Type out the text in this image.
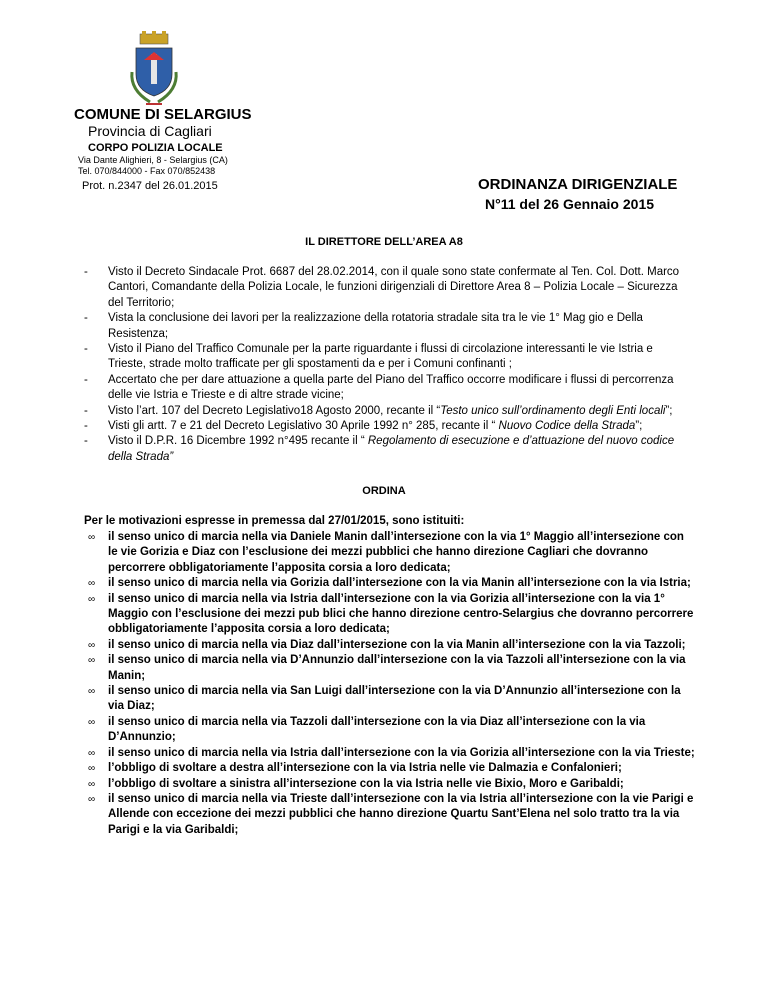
COMUNE DI SELARGIUS
Provincia di Cagliari
CORPO POLIZIA LOCALE
Via Dante Alighieri, 8 - Selargius (CA)
Tel. 070/844000 - Fax 070/852438
Prot. n.2347 del 26.01.2015	ORDINANZA DIRIGENZIALE
N°11 del 26 Gennaio 2015
IL DIRETTORE DELL’AREA A8
- Visto il Decreto Sindacale Prot. 6687 del 28.02.2014, con il quale sono state confermate al Ten. Col. Dott. Marco Cantori, Comandante della Polizia Locale, le funzioni dirigenziali di Direttore Area 8 – Polizia Locale – Sicurezza del Territorio;
- Vista la conclusione dei lavori per la realizzazione della rotatoria stradale sita tra le vie 1° Mag gio e Della Resistenza;
- Visto il Piano del Traffico Comunale per la parte riguardante i flussi di circolazione interessanti le vie Istria e Trieste, strade molto trafficate per gli spostamenti da e per i Comuni confinanti ;
- Accertato che per dare attuazione a quella parte del Piano del Traffico occorre modificare i flussi di percorrenza delle vie Istria e Trieste e di altre strade vicine;
- Visto l’art. 107 del Decreto Legislativo18 Agosto 2000, recante il “Testo unico sull’ordinamento degli Enti locali”;
- Visti gli artt. 7 e 21 del Decreto Legislativo 30 Aprile 1992 n° 285, recante il “ Nuovo Codice della Strada”;
- Visto il D.P.R. 16 Dicembre 1992 n°495 recante il “ Regolamento di esecuzione e d’attuazione del nuovo codice della Strada”
ORDINA
Per le motivazioni espresse in premessa dal 27/01/2015, sono istituiti:
∞ il senso unico di marcia nella via Daniele Manin dall’intersezione con la via 1° Maggio all’intersezione con le vie Gorizia e Diaz con l’esclusione dei mezzi pubblici che hanno direzione Cagliari che dovranno percorrere obbligatoriamente l’apposita corsia a loro dedicata;
∞ il senso unico di marcia nella via Gorizia dall’intersezione con la via Manin all’intersezione con la via Istria;
∞ il senso unico di marcia nella via Istria dall’intersezione con la via Gorizia all’intersezione con la via 1° Maggio con l’esclusione dei mezzi pub blici che hanno direzione centro-Selargius che dovranno percorrere obbligatoriamente l’apposita corsia a loro dedicata;
∞ il senso unico di marcia nella via Diaz dall’intersezione con la via Manin all’intersezione con la via Tazzoli;
∞ il senso unico di marcia nella via D’Annunzio dall’intersezione con la via Tazzoli all’intersezione con la via Manin;
∞ il senso unico di marcia nella via San Luigi dall’intersezione con la via D’Annunzio all’intersezione con la via Diaz;
∞ il senso unico di marcia nella via Tazzoli dall’intersezione con la via Diaz all’intersezione con la via D’Annunzio;
∞ il senso unico di marcia nella via Istria dall’intersezione con la via Gorizia all’intersezione con la via Trieste;
∞ l’obbligo di svoltare a destra all’intersezione con la via Istria nelle vie Dalmazia e Confalonieri;
∞ l’obbligo di svoltare a sinistra all’intersezione con la via Istria nelle vie Bixio, Moro e Garibaldi;
∞ il senso unico di marcia nella via Trieste dall’intersezione con la via Istria all’intersezione con la vie Parigi e Allende con eccezione dei mezzi pubblici che hanno direzione Quartu Sant’Elena nel solo tratto tra la via Parigi e la via Garibaldi;
